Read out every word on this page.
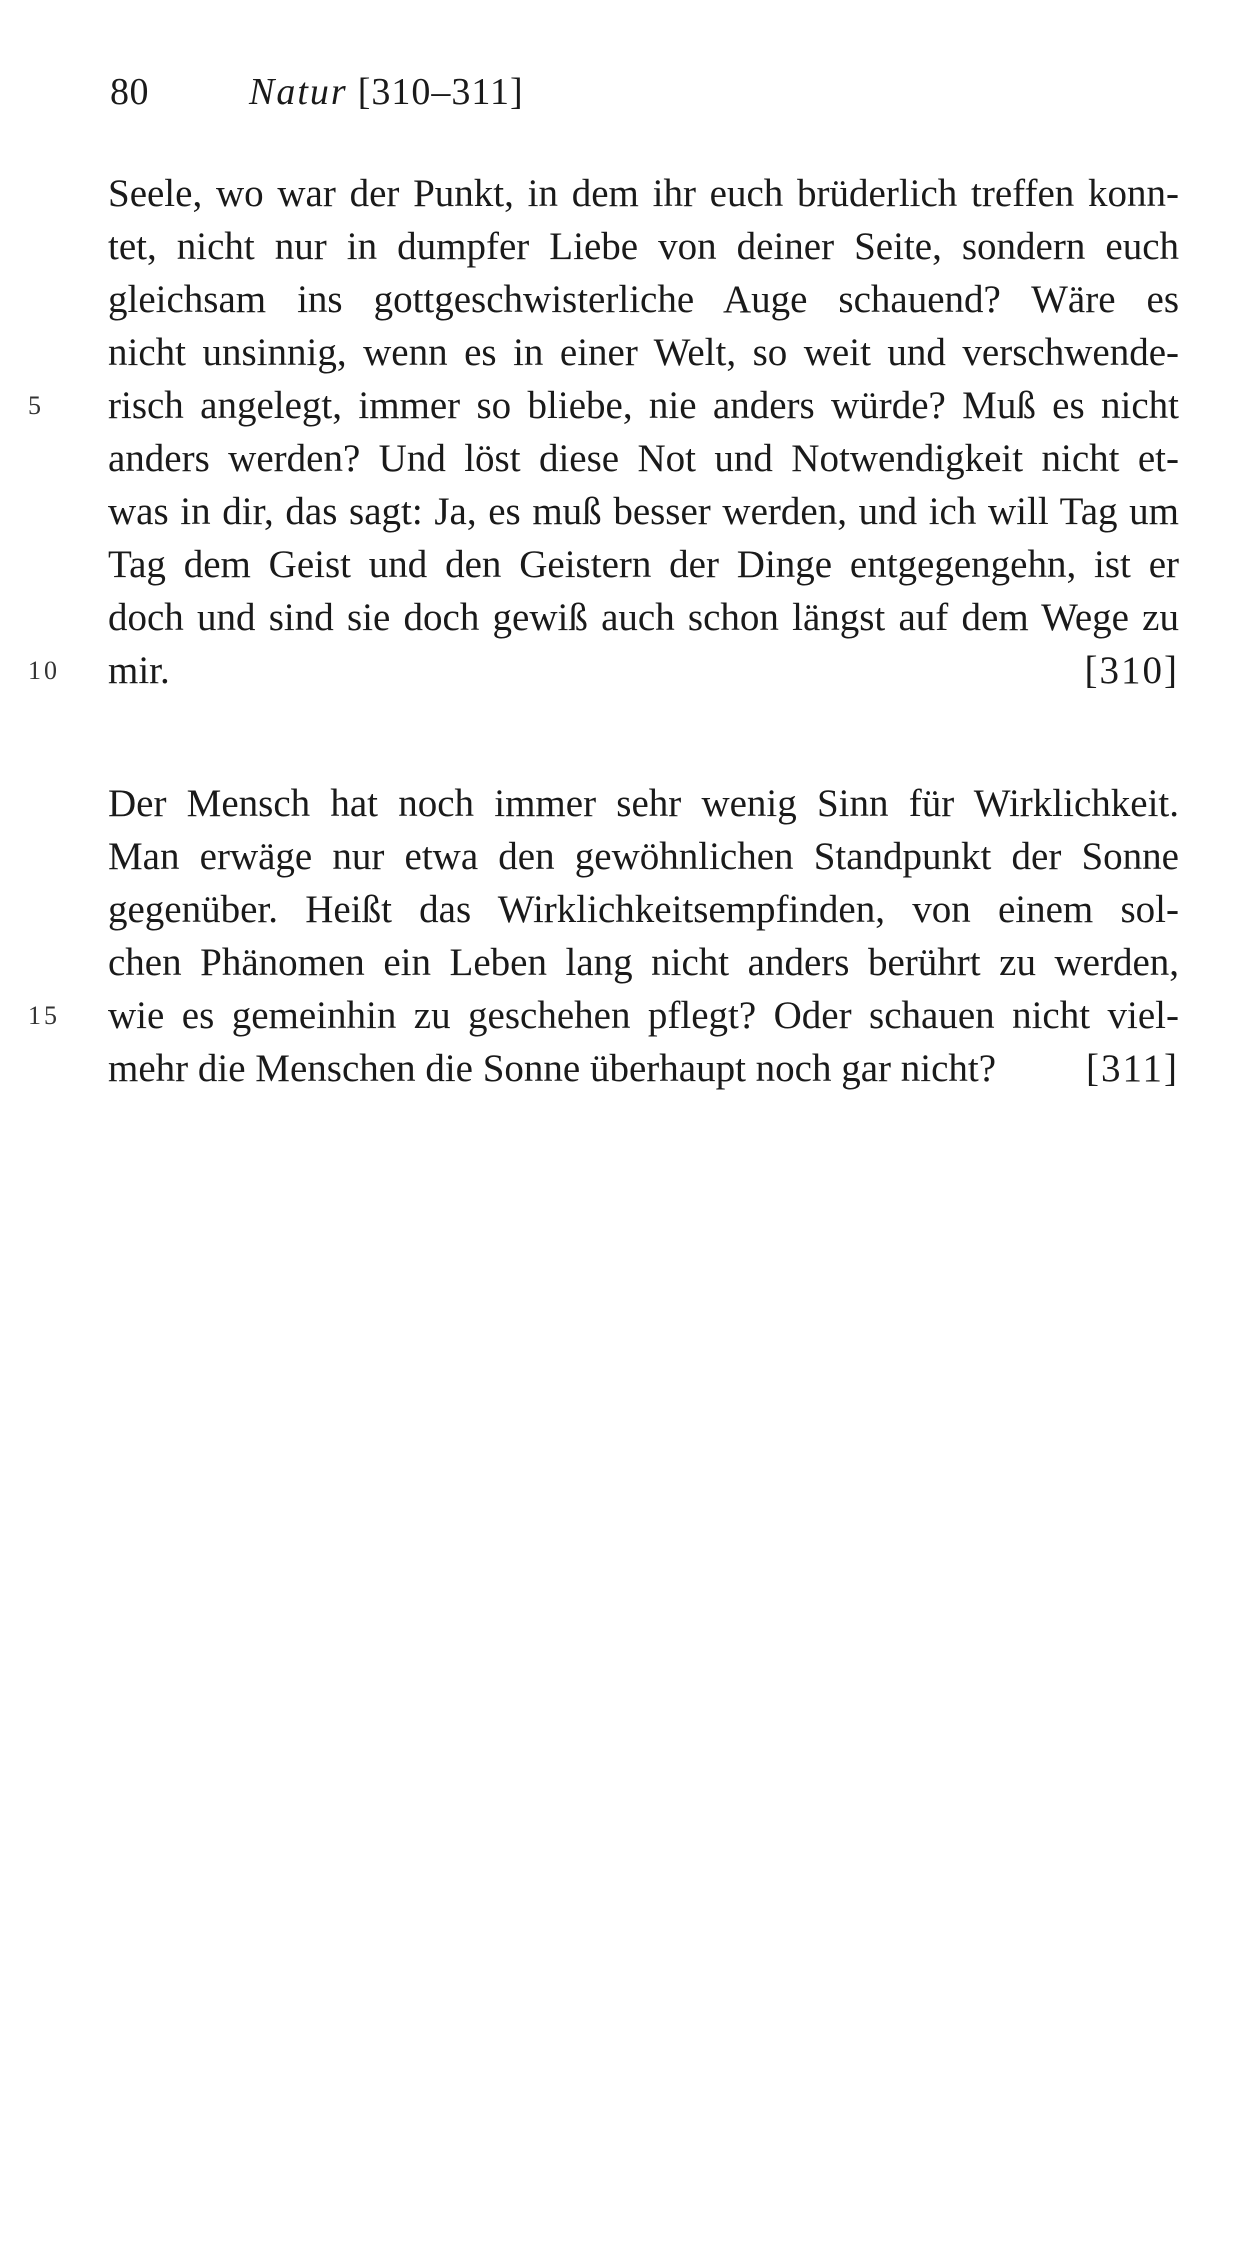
80	Natur [310–311]
Seele, wo war der Punkt, in dem ihr euch brüderlich treffen konn-
tet, nicht nur in dumpfer Liebe von deiner Seite, sondern euch
gleichsam ins gottgeschwisterliche Auge schauend? Wäre es
nicht unsinnig, wenn es in einer Welt, so weit und verschwende-
risch angelegt, immer so bliebe, nie anders würde? Muß es nicht
anders werden? Und löst diese Not und Notwendigkeit nicht et-
was in dir, das sagt: Ja, es muß besser werden, und ich will Tag um
Tag dem Geist und den Geistern der Dinge entgegengehn, ist er
doch und sind sie doch gewiß auch schon längst auf dem Wege zu
mir.	[310]
Der Mensch hat noch immer sehr wenig Sinn für Wirklichkeit.
Man erwäge nur etwa den gewöhnlichen Standpunkt der Sonne
gegenüber. Heißt das Wirklichkeitsempfinden, von einem sol-
chen Phänomen ein Leben lang nicht anders berührt zu werden,
wie es gemeinhin zu geschehen pflegt? Oder schauen nicht viel-
mehr die Menschen die Sonne überhaupt noch gar nicht? [311]
5
10
15
